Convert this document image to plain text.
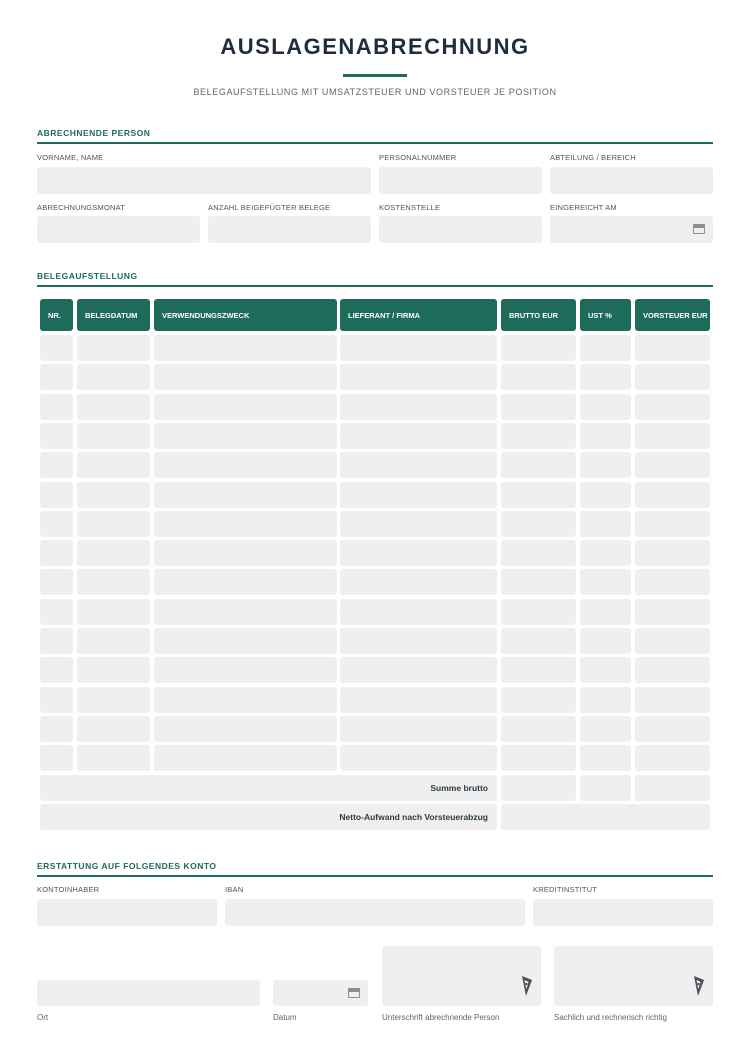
AUSLAGENABRECHNUNG
BELEGAUFSTELLUNG MIT UMSATZSTEUER UND VORSTEUER JE POSITION
ABRECHNENDE PERSON
VORNAME, NAME	PERSONALNUMMER	ABTEILUNG / BEREICH
ABRECHNUNGSMONAT	ANZAHL BEIGEFÜGTER BELEGE	KOSTENSTELLE	EINGEREICHT AM
BELEGAUFSTELLUNG
NR.	BELEGDATUM	VERWENDUNGSZWECK	LIEFERANT / FIRMA	BRUTTO EUR	UST %	VORSTEUER EUR
Summe brutto
Netto-Aufwand nach Vorsteuerabzug
ERSTATTUNG AUF FOLGENDES KONTO
KONTOINHABER	IBAN	KREDITINSTITUT
Ort	Datum	Unterschrift abrechnende Person	Sachlich und rechnerisch richtig
